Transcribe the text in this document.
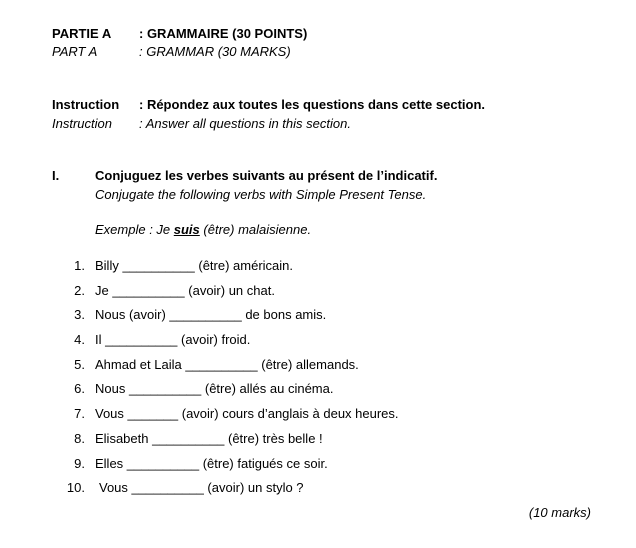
PARTIE A : GRAMMAIRE (30 POINTS)
PART A	: GRAMMAR (30 MARKS)
Instruction : Répondez aux toutes les questions dans cette section.
Instruction : Answer all questions in this section.
I.	Conjuguez les verbes suivants au présent de l’indicatif.
Conjugate the following verbs with Simple Present Tense.
Exemple : Je suis (être) malaisienne.
1. Billy __________ (être) américain.
2. Je __________ (avoir) un chat.
3. Nous (avoir) __________ de bons amis.
4. Il __________ (avoir) froid.
5. Ahmad et Laila __________ (être) allemands.
6. Nous __________ (être) allés au cinéma.
7. Vous _______ (avoir) cours d’anglais à deux heures.
8. Elisabeth __________ (être) très belle !
9. Elles __________ (être) fatigués ce soir.
10. Vous __________ (avoir) un stylo ?
(10 marks)
